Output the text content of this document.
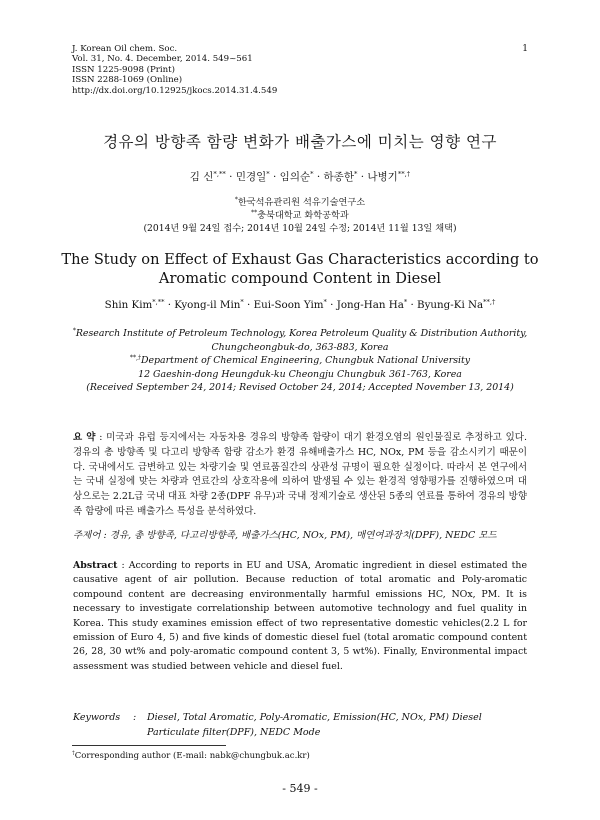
J. Korean Oil chem. Soc.
Vol. 31, No. 4. December, 2014. 549~561
ISSN 1225-9098 (Print)
ISSN 2288-1069 (Online)
http://dx.doi.org/10.12925/jkocs.2014.31.4.549
1
경유의 방향족 함량 변화가 배출가스에 미치는 영향 연구
김 신*,** · 민경일* · 임의순* · 하종한* · 나병기**,†
*한국석유관리원 석유기술연구소
**충북대학교 화학공학과
(2014년 9월 24일 접수; 2014년 10월 24일 수정; 2014년 11월 13일 채택)
The Study on Effect of Exhaust Gas Characteristics according to
Aromatic compound Content in Diesel
Shin Kim*,** · Kyong-il Min* · Eui-Soon Yim* · Jong-Han Ha* · Byung-Ki Na**,†
*Research Institute of Petroleum Technology, Korea Petroleum Quality & Distribution Authority,
Chungcheongbuk-do, 363-883, Korea
**,†Department of Chemical Engineering, Chungbuk National University
12 Gaeshin-dong Heungduk-ku Cheongju Chungbuk 361-763, Korea
(Received September 24, 2014; Revised October 24, 2014; Accepted November 13, 2014)
요 약 : 미국과 유럽 등지에서는 자동차용 경유의 방향족 함량이 대기 환경오염의 원인물질로 추정하고 있다. 경유의 총 방향족 및 다고리 방향족 함량 감소가 환경 유해배출가스 HC, NOx, PM 등을 감소시키기 때문이다. 국내에서도 급변하고 있는 차량기술 및 연료품질간의 상관성 규명이 필요한 실정이다. 따라서 본 연구에서는 국내 실정에 맞는 차량과 연료간의 상호작용에 의하여 발생될 수 있는 환경적 영향평가를 진행하였으며 대상으로는 2.2L급 국내 대표 차량 2종(DPF 유무)과 국내 정제기술로 생산된 5종의 연료를 통하여 경유의 방향족 함량에 따른 배출가스 특성을 분석하였다.
주제어 : 경유, 총 방향족, 다고리방향족, 배출가스(HC, NOx, PM), 매연여과장치(DPF), NEDC 모드
Abstract : According to reports in EU and USA, Aromatic ingredient in diesel estimated the causative agent of air pollution. Because reduction of total aromatic and Poly-aromatic compound content are decreasing environmentally harmful emissions HC, NOx, PM. It is necessary to investigate correlationship between automotive technology and fuel quality in Korea. This study examines emission effect of two representative domestic vehicles(2.2 L for emission of Euro 4, 5) and five kinds of domestic diesel fuel (total aromatic compound content 26, 28, 30 wt% and poly-aromatic compound content 3, 5 wt%). Finally, Environmental impact assessment was studied between vehicle and diesel fuel.
Keywords	:	Diesel, Total Aromatic, Poly-Aromatic, Emission(HC, NOx, PM) Diesel Particulate filter(DPF), NEDC Mode
†Corresponding author (E-mail: nabk@chungbuk.ac.kr)
- 549 -
